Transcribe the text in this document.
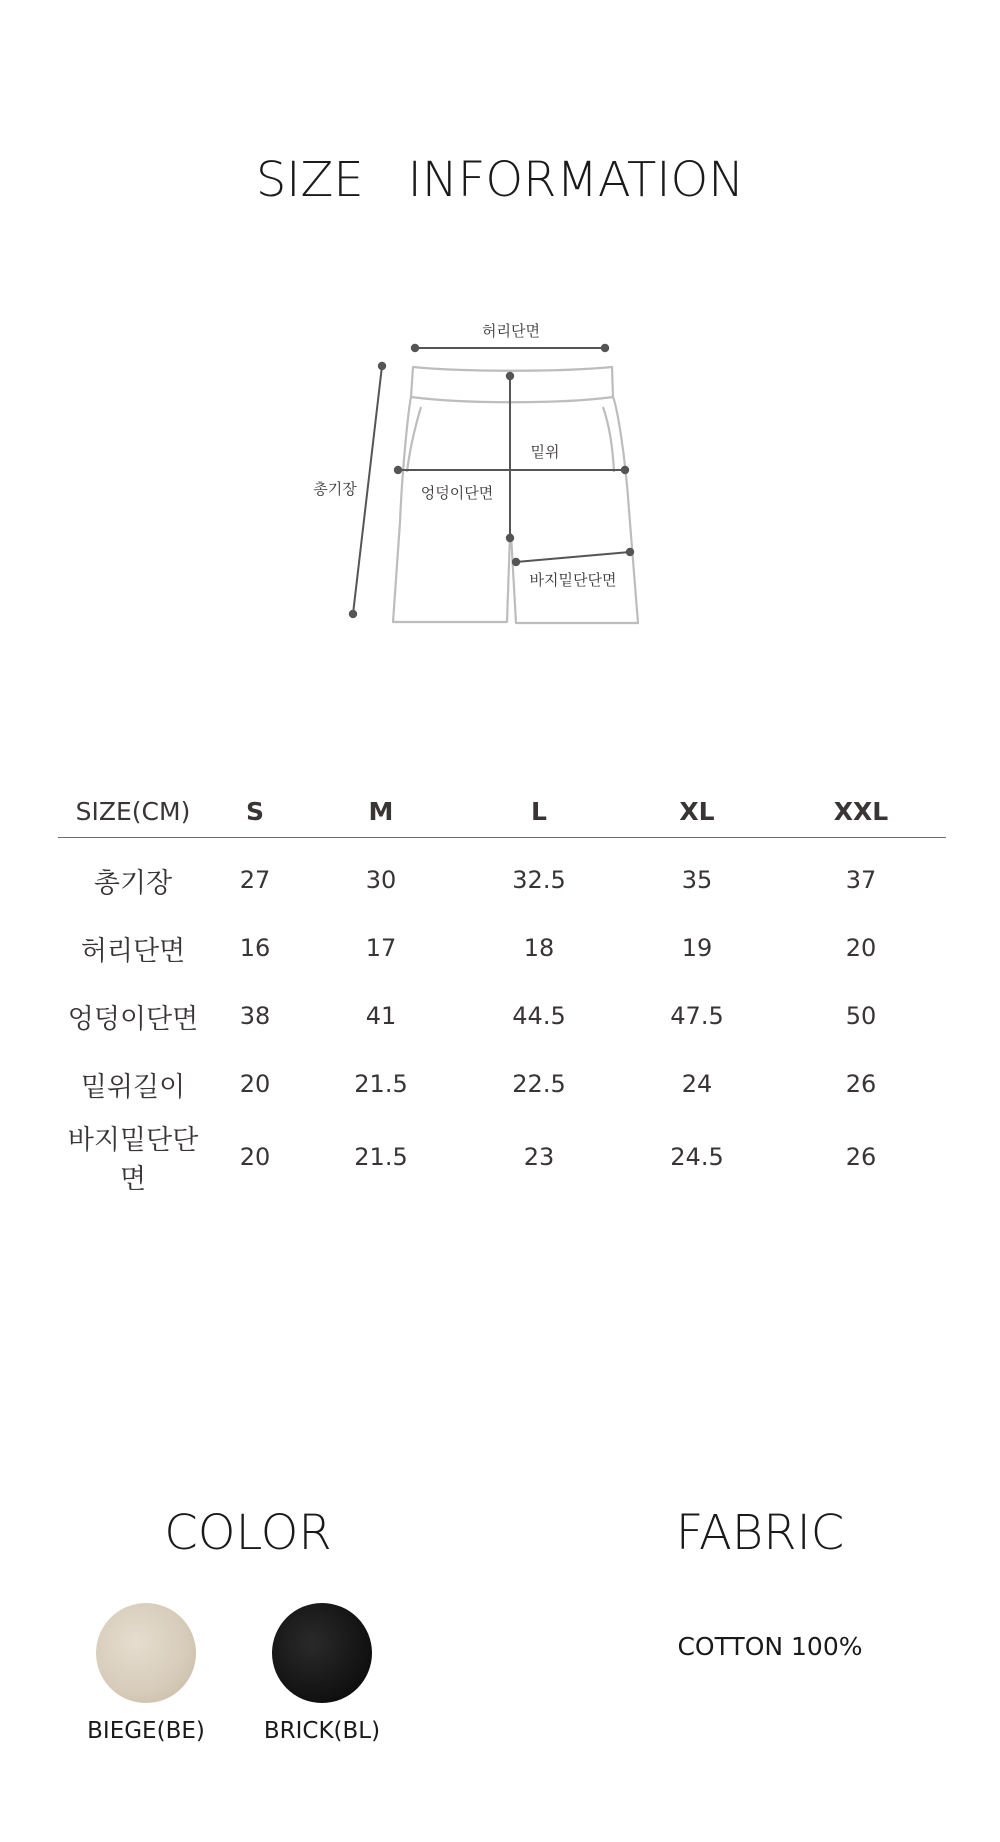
SIZE INFORMATION
허리단면
총기장
밑위
엉덩이단면
바지밑단단면
SIZE(CM)	S	M	L	XL	XXL
총기장	27	30	32.5	35	37
허리단면	16	17	18	19	20
엉덩이단면	38	41	44.5	47.5	50
밑위길이	20	21.5	22.5	24	26
바지밑단단면	20	21.5	23	24.5	26
COLOR
BIEGE(BE)	BRICK(BL)
FABRIC
COTTON 100%
